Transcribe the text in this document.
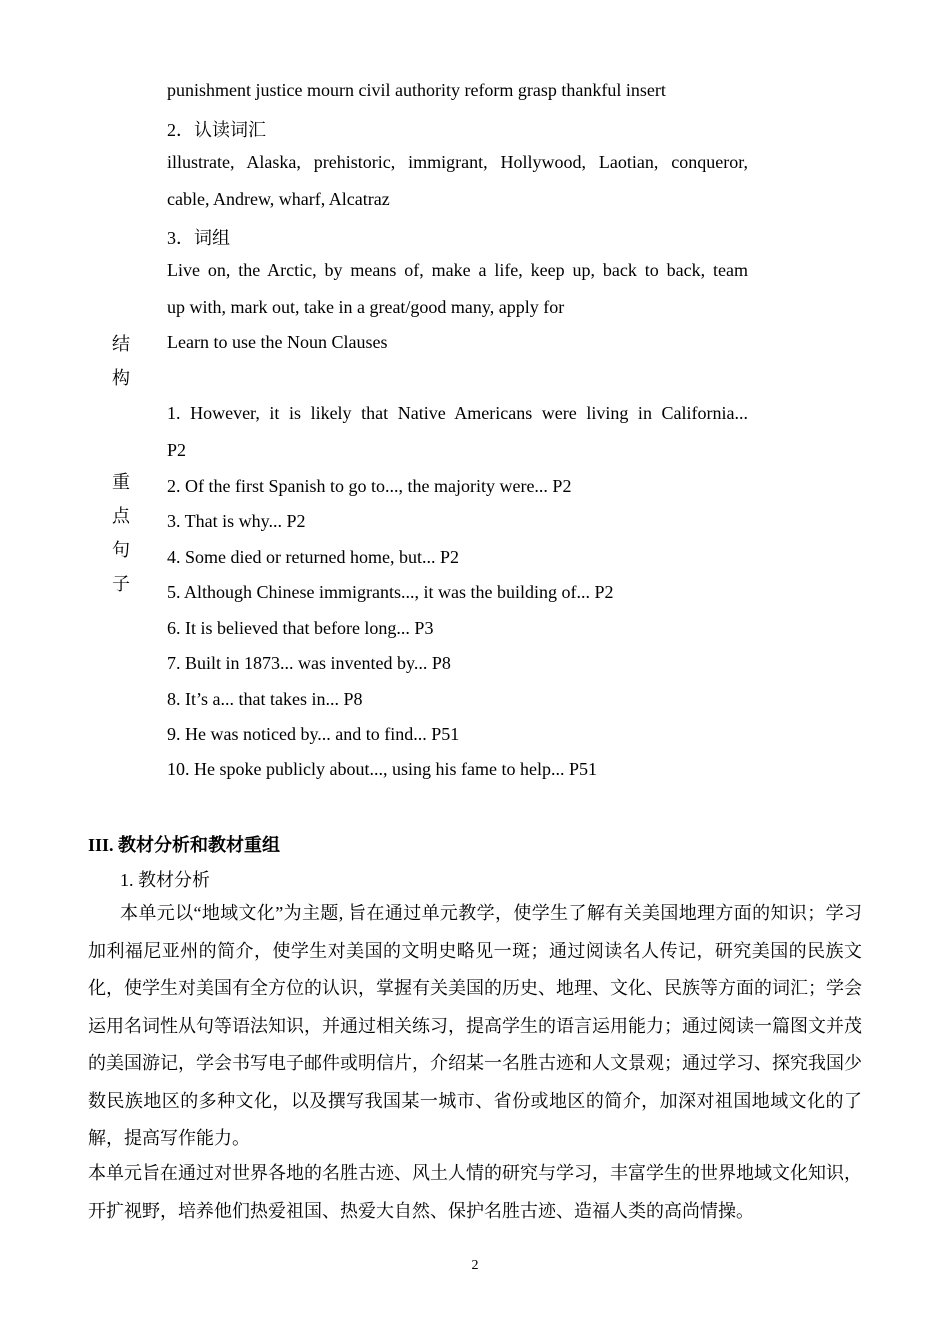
punishment justice mourn civil authority reform grasp thankful insert
2．认读词汇
illustrate, Alaska, prehistoric, immigrant, Hollywood, Laotian, conqueror,
cable, Andrew, wharf, Alcatraz
3．词组
Live on, the Arctic, by means of, make a life, keep up, back to back, team
up with, mark out, take in a great/good many, apply for
结
构
Learn to use the Noun Clauses
重
点
句
子
1. However, it is likely that Native Americans were living in California...
P2
2. Of the first Spanish to go to..., the majority were... P2
3. That is why... P2
4. Some died or returned home, but... P2
5. Although Chinese immigrants..., it was the building of... P2
6. It is believed that before long... P3
7. Built in 1873... was invented by... P8
8. It’s a... that takes in... P8
9. He was noticed by... and to find... P51
10. He spoke publicly about..., using his fame to help... P51
III. 教材分析和教材重组
1. 教材分析
本单元以“地域文化”为主题, 旨在通过单元教学，使学生了解有关美国地理方面的知识；学习加利福尼亚州的简介，使学生对美国的文明史略见一斑；通过阅读名人传记，研究美国的民族文化，使学生对美国有全方位的认识，掌握有关美国的历史、地理、文化、民族等方面的词汇；学会运用名词性从句等语法知识，并通过相关练习，提高学生的语言运用能力；通过阅读一篇图文并茂的美国游记，学会书写电子邮件或明信片，介绍某一名胜古迹和人文景观；通过学习、探究我国少数民族地区的多种文化，以及撰写我国某一城市、省份或地区的简介，加深对祖国地域文化的了解，提高写作能力。
本单元旨在通过对世界各地的名胜古迹、风土人情的研究与学习，丰富学生的世界地域文化知识，开扩视野，培养他们热爱祖国、热爱大自然、保护名胜古迹、造福人类的高尚情操。
2
